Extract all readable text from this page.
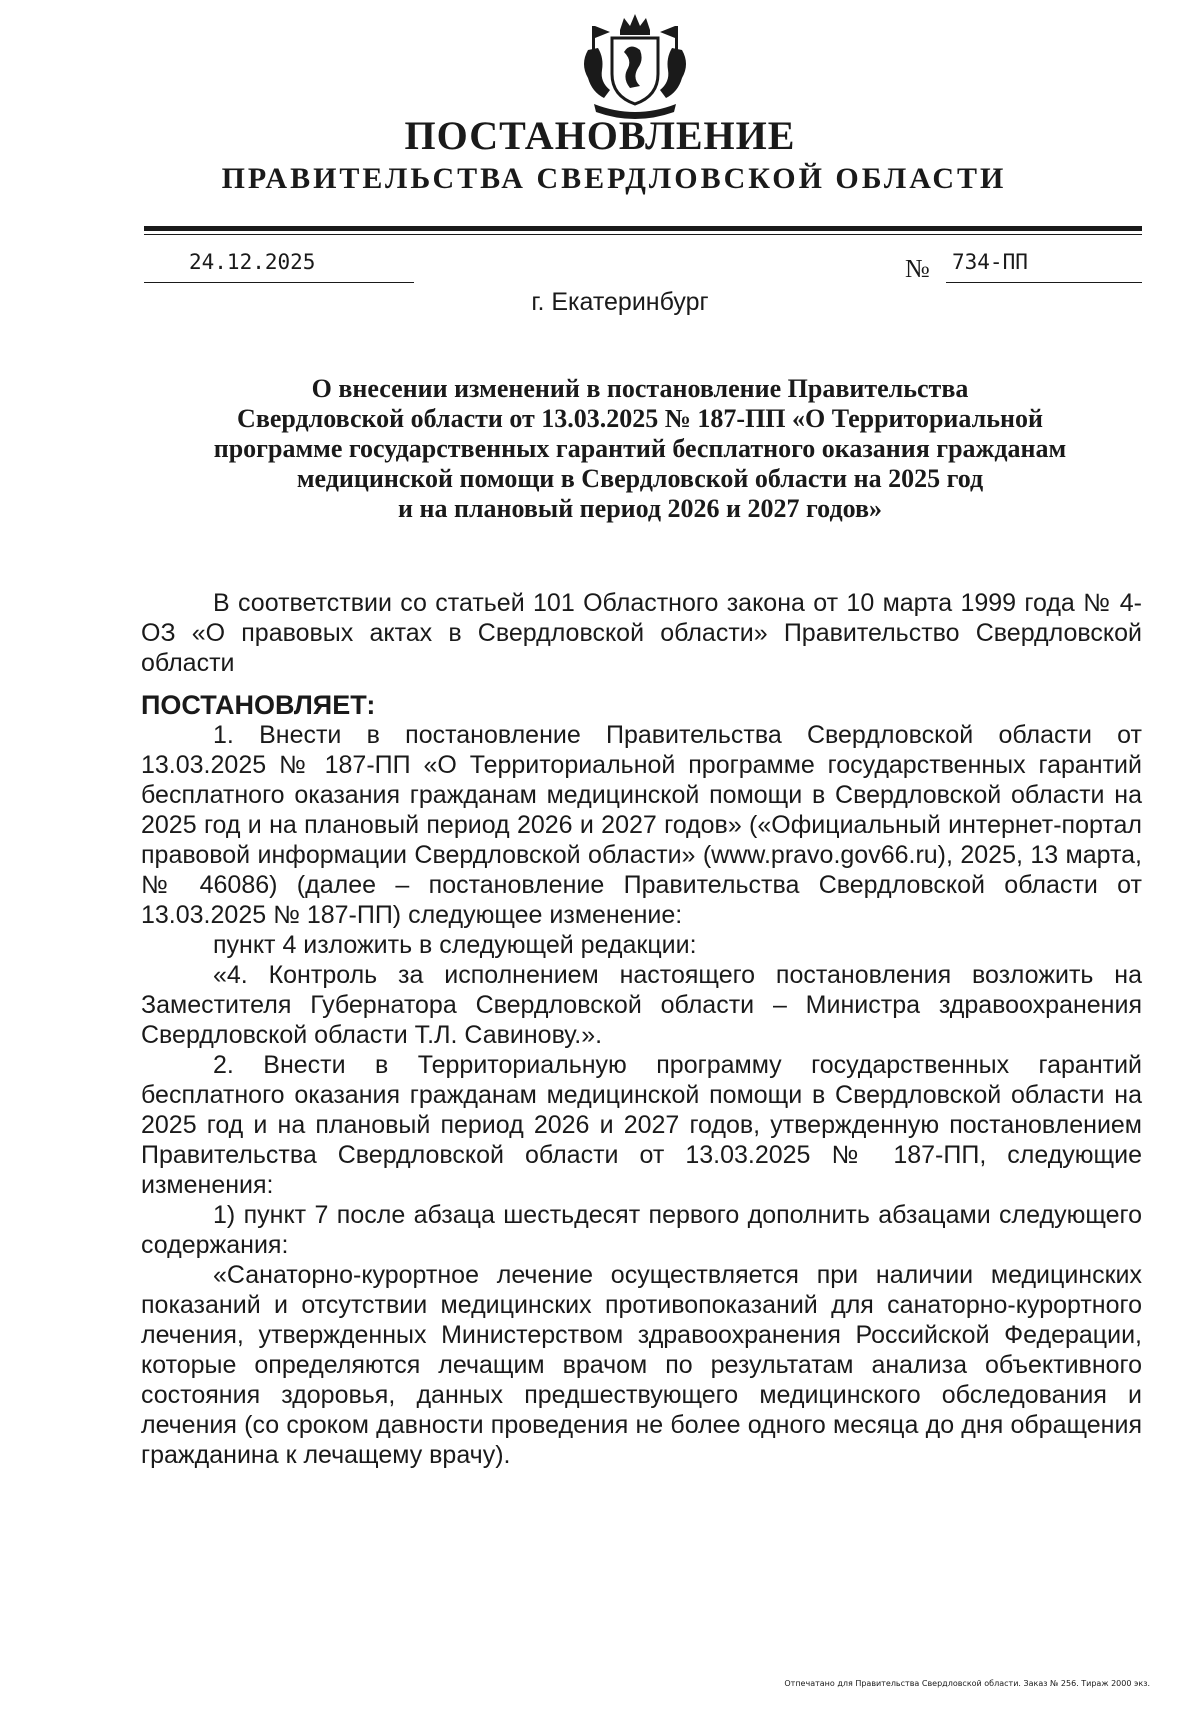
ПОСТАНОВЛЕНИЕ
ПРАВИТЕЛЬСТВА СВЕРДЛОВСКОЙ ОБЛАСТИ
24.12.2025	№ 734-ПП
г. Екатеринбург
О внесении изменений в постановление Правительства
Свердловской области от 13.03.2025 № 187-ПП «О Территориальной
программе государственных гарантий бесплатного оказания гражданам
медицинской помощи в Свердловской области на 2025 год
и на плановый период 2026 и 2027 годов»

В соответствии со статьей 101 Областного закона от 10 марта 1999 года № 4-ОЗ «О правовых актах в Свердловской области» Правительство Свердловской области

ПОСТАНОВЛЯЕТ:

1. Внести в постановление Правительства Свердловской области от 13.03.2025 № 187-ПП «О Территориальной программе государственных гарантий бесплатного оказания гражданам медицинской помощи в Свердловской области на 2025 год и на плановый период 2026 и 2027 годов» («Официальный интернет-портал правовой информации Свердловской области» (www.pravo.gov66.ru), 2025, 13 марта, № 46086) (далее – постановление Правительства Свердловской области от 13.03.2025 № 187-ПП) следующее изменение:

пункт 4 изложить в следующей редакции:

«4. Контроль за исполнением настоящего постановления возложить на Заместителя Губернатора Свердловской области – Министра здравоохранения Свердловской области Т.Л. Савинову.».

2. Внести в Территориальную программу государственных гарантий бесплатного оказания гражданам медицинской помощи в Свердловской области на 2025 год и на плановый период 2026 и 2027 годов, утвержденную постановлением Правительства Свердловской области от 13.03.2025 № 187-ПП, следующие изменения:

1) пункт 7 после абзаца шестьдесят первого дополнить абзацами следующего содержания:

«Санаторно-курортное лечение осуществляется при наличии медицинских показаний и отсутствии медицинских противопоказаний для санаторно-курортного лечения, утвержденных Министерством здравоохранения Российской Федерации, которые определяются лечащим врачом по результатам анализа объективного состояния здоровья, данных предшествующего медицинского обследования и лечения (со сроком давности проведения не более одного месяца до дня обращения гражданина к лечащему врачу).

Отпечатано для Правительства Свердловской области. Заказ № 256. Тираж 2000 экз.
